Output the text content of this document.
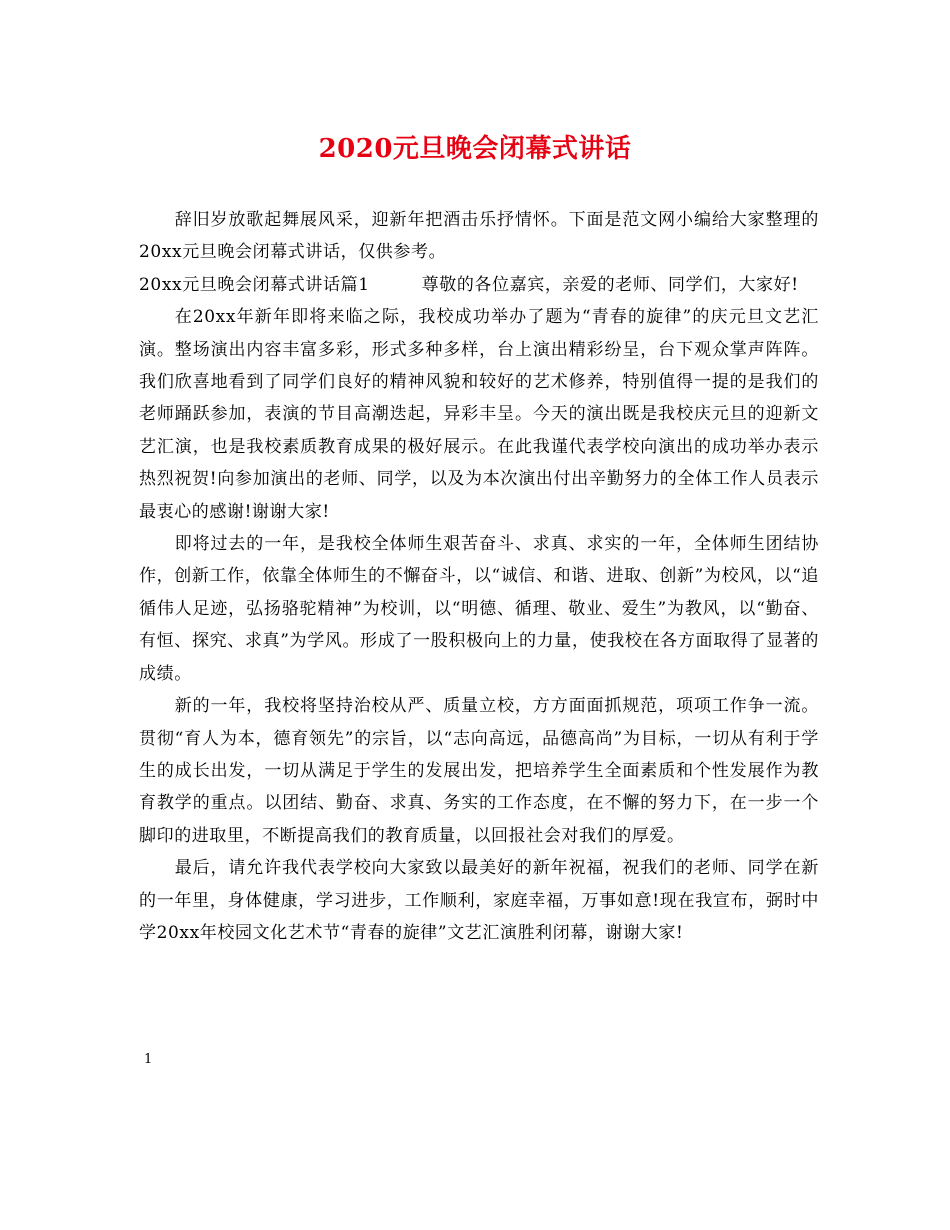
2020元旦晚会闭幕式讲话

辞旧岁放歌起舞展风采，迎新年把酒击乐抒情怀。下面是范文网小编给大家整理的20xx元旦晚会闭幕式讲话，仅供参考。

20xx元旦晚会闭幕式讲话篇1	尊敬的各位嘉宾，亲爱的老师、同学们，大家好!

在20xx年新年即将来临之际，我校成功举办了题为“青春的旋律”的庆元旦文艺汇演。整场演出内容丰富多彩，形式多种多样，台上演出精彩纷呈，台下观众掌声阵阵。我们欣喜地看到了同学们良好的精神风貌和较好的艺术修养，特别值得一提的是我们的老师踊跃参加，表演的节目高潮迭起，异彩丰呈。今天的演出既是我校庆元旦的迎新文艺汇演，也是我校素质教育成果的极好展示。在此我谨代表学校向演出的成功举办表示热烈祝贺!向参加演出的老师、同学，以及为本次演出付出辛勤努力的全体工作人员表示最衷心的感谢!谢谢大家!

即将过去的一年，是我校全体师生艰苦奋斗、求真、求实的一年，全体师生团结协作，创新工作，依靠全体师生的不懈奋斗，以“诚信、和谐、进取、创新”为校风，以“追循伟人足迹，弘扬骆驼精神”为校训，以“明德、循理、敬业、爱生”为教风，以“勤奋、有恒、探究、求真”为学风。形成了一股积极向上的力量，使我校在各方面取得了显著的成绩。

新的一年，我校将坚持治校从严、质量立校，方方面面抓规范，项项工作争一流。贯彻“育人为本，德育领先”的宗旨，以“志向高远，品德高尚”为目标，一切从有利于学生的成长出发，一切从满足于学生的发展出发，把培养学生全面素质和个性发展作为教育教学的重点。以团结、勤奋、求真、务实的工作态度，在不懈的努力下，在一步一个脚印的进取里，不断提高我们的教育质量，以回报社会对我们的厚爱。

最后，请允许我代表学校向大家致以最美好的新年祝福，祝我们的老师、同学在新的一年里，身体健康，学习进步，工作顺利，家庭幸福，万事如意!现在我宣布，弼时中学20xx年校园文化艺术节“青春的旋律”文艺汇演胜利闭幕，谢谢大家!

1
